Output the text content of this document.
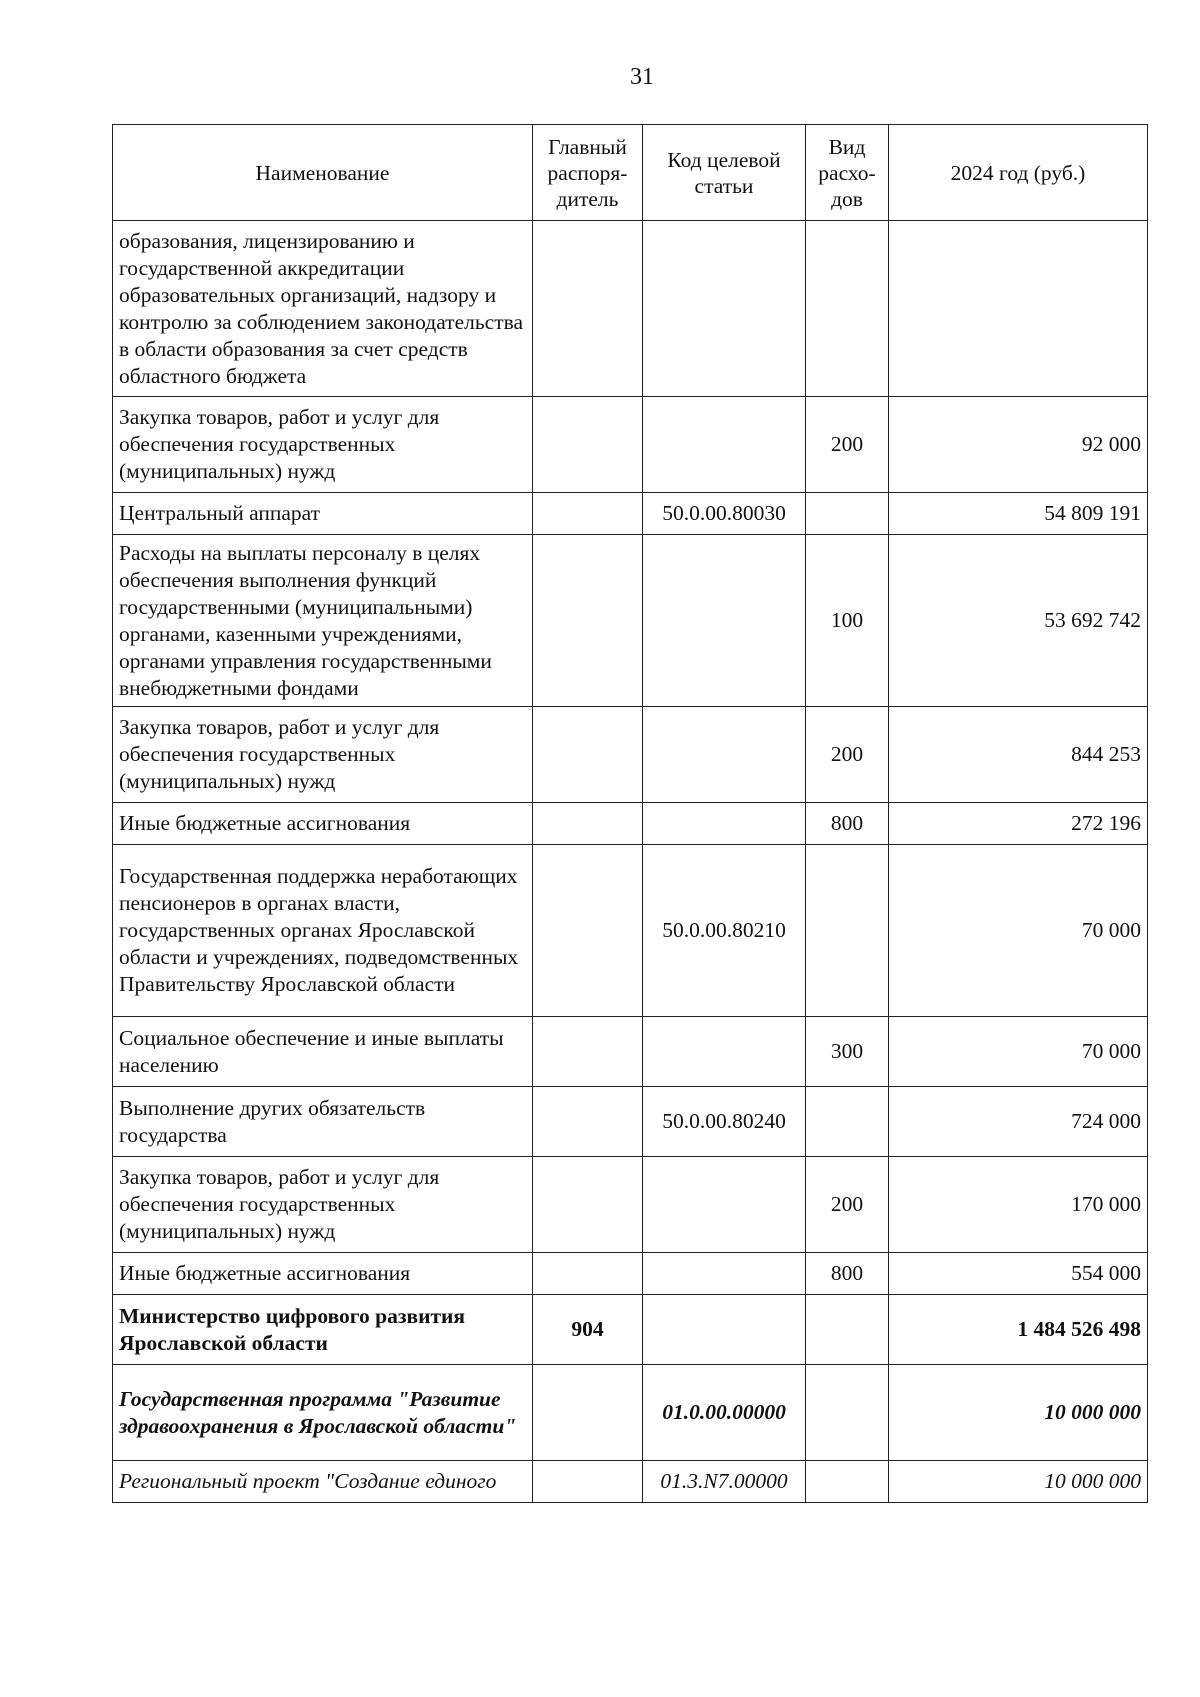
31
Наименование	Главный распоря-дитель	Код целевой статьи	Вид расхо-дов	2024 год (руб.)
образования, лицензированию и государственной аккредитации образовательных организаций, надзору и контролю за соблюдением законодательства в области образования за счет средств областного бюджета				
Закупка товаров, работ и услуг для обеспечения государственных (муниципальных) нужд			200	92 000
Центральный аппарат		50.0.00.80030		54 809 191
Расходы на выплаты персоналу в целях обеспечения выполнения функций государственными (муниципальными) органами, казенными учреждениями, органами управления государственными внебюджетными фондами			100	53 692 742
Закупка товаров, работ и услуг для обеспечения государственных (муниципальных) нужд			200	844 253
Иные бюджетные ассигнования			800	272 196
Государственная поддержка неработающих пенсионеров в органах власти, государственных органах Ярославской области и учреждениях, подведомственных Правительству Ярославской области		50.0.00.80210		70 000
Социальное обеспечение и иные выплаты населению			300	70 000
Выполнение других обязательств государства		50.0.00.80240		724 000
Закупка товаров, работ и услуг для обеспечения государственных (муниципальных) нужд			200	170 000
Иные бюджетные ассигнования			800	554 000
Министерство цифрового развития Ярославской области	904			1 484 526 498
Государственная программа "Развитие здравоохранения в Ярославской области"		01.0.00.00000		10 000 000
Региональный проект "Создание единого		01.3.N7.00000		10 000 000
